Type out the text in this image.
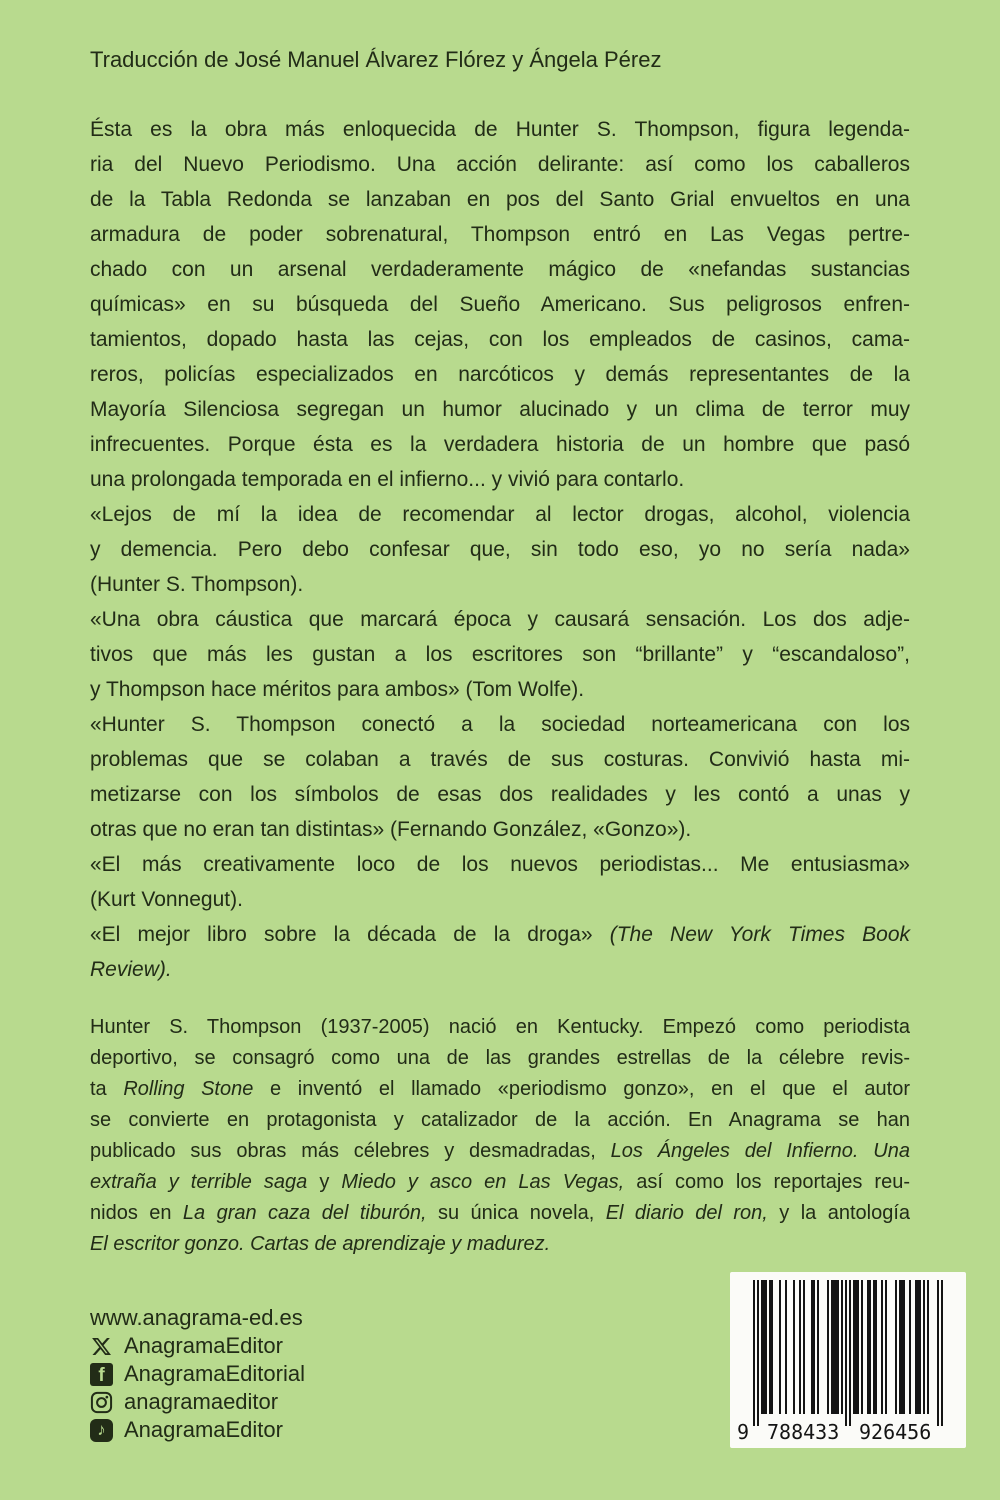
Traducción de José Manuel Álvarez Flórez y Ángela Pérez
Ésta es la obra más enloquecida de Hunter S. Thompson, figura legenda-
ria del Nuevo Periodismo. Una acción delirante: así como los caballeros
de la Tabla Redonda se lanzaban en pos del Santo Grial envueltos en una
armadura de poder sobrenatural, Thompson entró en Las Vegas pertre-
chado con un arsenal verdaderamente mágico de «nefandas sustancias
químicas» en su búsqueda del Sueño Americano. Sus peligrosos enfren-
tamientos, dopado hasta las cejas, con los empleados de casinos, cama-
reros, policías especializados en narcóticos y demás representantes de la
Mayoría Silenciosa segregan un humor alucinado y un clima de terror muy
infrecuentes. Porque ésta es la verdadera historia de un hombre que pasó
una prolongada temporada en el infierno... y vivió para contarlo.
«Lejos de mí la idea de recomendar al lector drogas, alcohol, violencia
y demencia. Pero debo confesar que, sin todo eso, yo no sería nada»
(Hunter S. Thompson).
«Una obra cáustica que marcará época y causará sensación. Los dos adje-
tivos que más les gustan a los escritores son “brillante” y “escandaloso”,
y Thompson hace méritos para ambos» (Tom Wolfe).
«Hunter S. Thompson conectó a la sociedad norteamericana con los
problemas que se colaban a través de sus costuras. Convivió hasta mi-
metizarse con los símbolos de esas dos realidades y les contó a unas y
otras que no eran tan distintas» (Fernando González, «Gonzo»).
«El más creativamente loco de los nuevos periodistas... Me entusiasma»
(Kurt Vonnegut).
«El mejor libro sobre la década de la droga» (The New York Times Book
Review).
Hunter S. Thompson (1937-2005) nació en Kentucky. Empezó como periodista
deportivo, se consagró como una de las grandes estrellas de la célebre revis-
ta Rolling Stone e inventó el llamado «periodismo gonzo», en el que el autor
se convierte en protagonista y catalizador de la acción. En Anagrama se han
publicado sus obras más célebres y desmadradas, Los Ángeles del Infierno. Una
extraña y terrible saga y Miedo y asco en Las Vegas, así como los reportajes reu-
nidos en La gran caza del tiburón, su única novela, El diario del ron, y la antología
El escritor gonzo. Cartas de aprendizaje y madurez.
www.anagrama-ed.es
AnagramaEditor
f AnagramaEditorial
anagramaeditor
♪ AnagramaEditor	9 788433 926456
